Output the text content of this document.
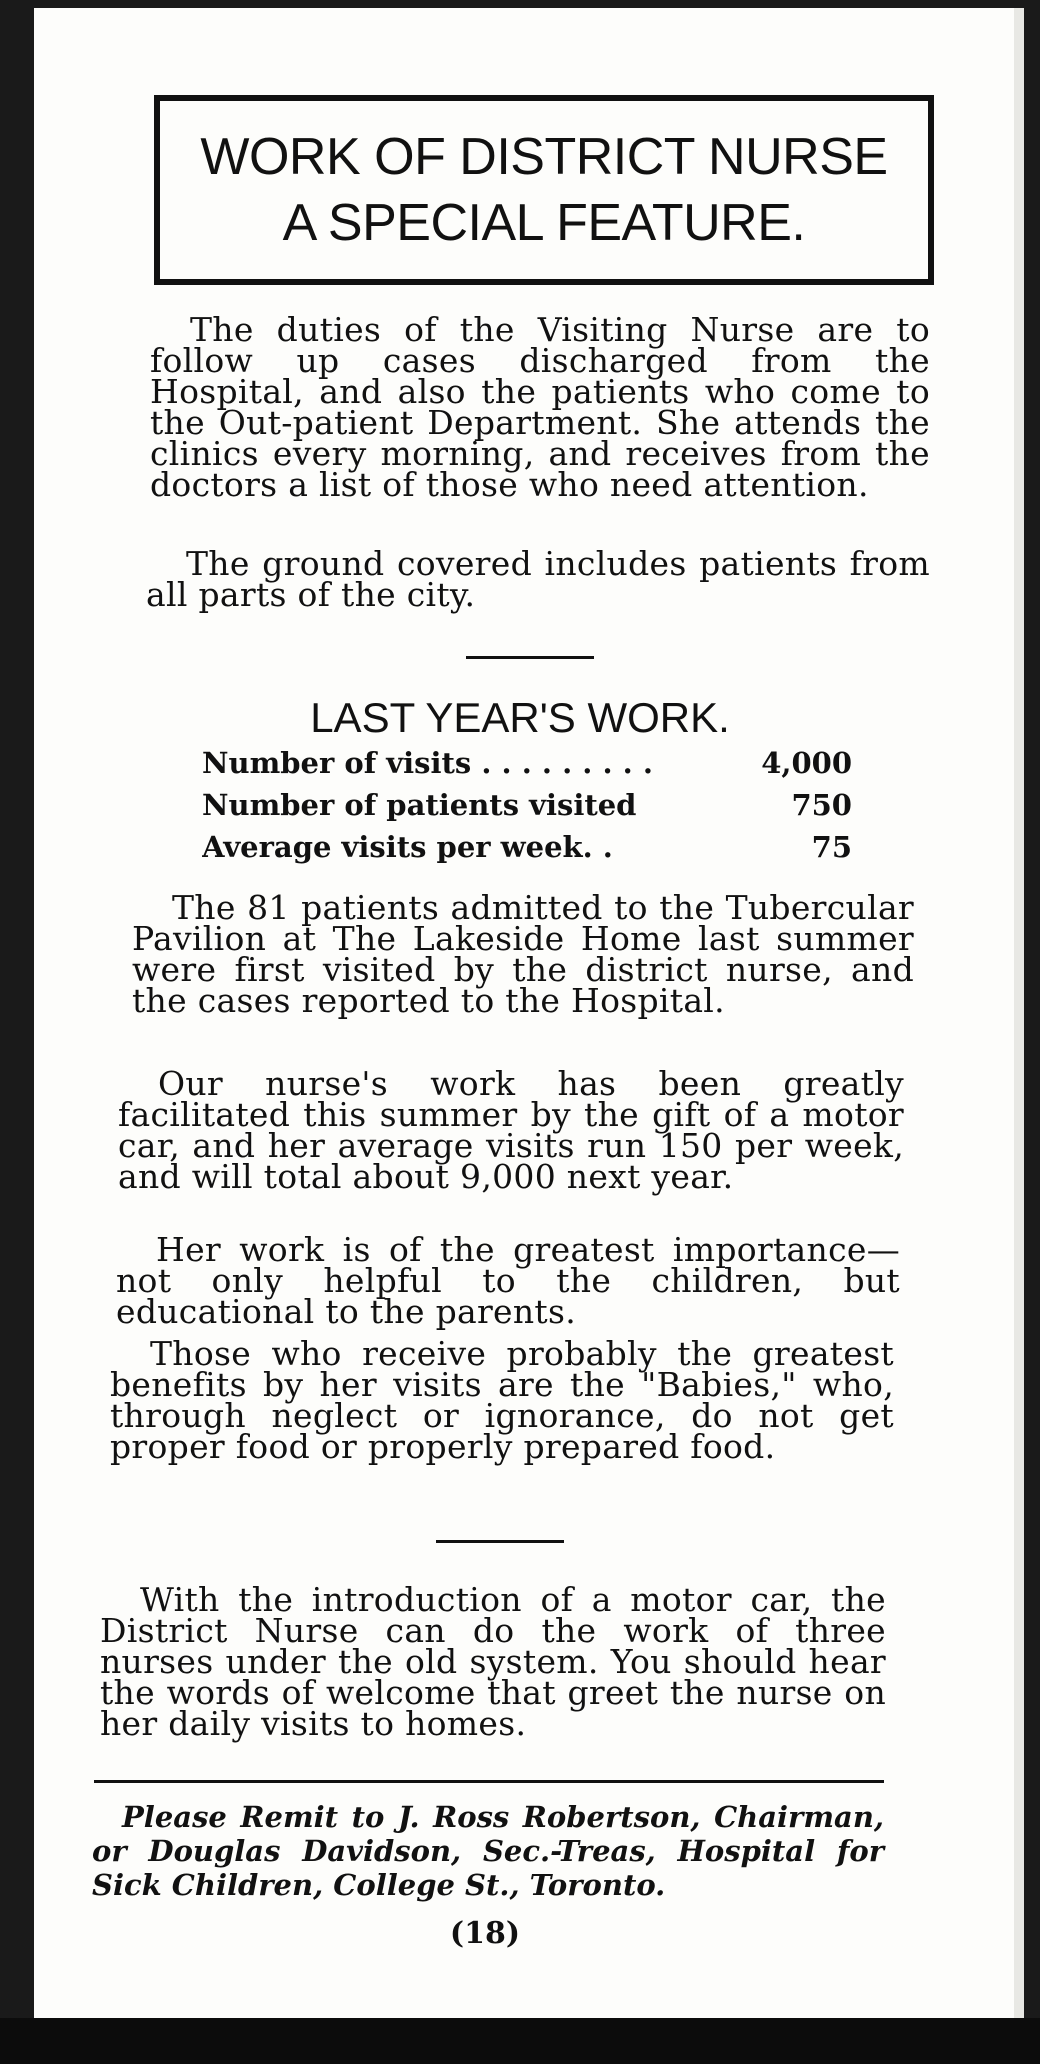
WORK OF DISTRICT NURSE
A SPECIAL FEATURE.

The duties of the Visiting Nurse are to follow up cases discharged from the Hospital, and also the patients who come to the Out-patient Department. She attends the clinics every morning, and receives from the doctors a list of those who need attention.

The ground covered includes patients from all parts of the city.

LAST YEAR'S WORK.
Number of visits . . . . . . . . .	4,000
Number of patients visited	750
Average visits per week. .	75

The 81 patients admitted to the Tubercular Pavilion at The Lakeside Home last summer were first visited by the district nurse, and the cases reported to the Hospital.

Our nurse's work has been greatly facilitated this summer by the gift of a motor car, and her average visits run 150 per week, and will total about 9,000 next year.

Her work is of the greatest importance—not only helpful to the children, but educational to the parents.

Those who receive probably the greatest benefits by her visits are the "Babies," who, through neglect or ignorance, do not get proper food or properly prepared food.

With the introduction of a motor car, the District Nurse can do the work of three nurses under the old system. You should hear the words of welcome that greet the nurse on her daily visits to homes.

Please Remit to J. Ross Robertson, Chairman, or Douglas Davidson, Sec.-Treas, Hospital for Sick Children, College St., Toronto.

(18)
